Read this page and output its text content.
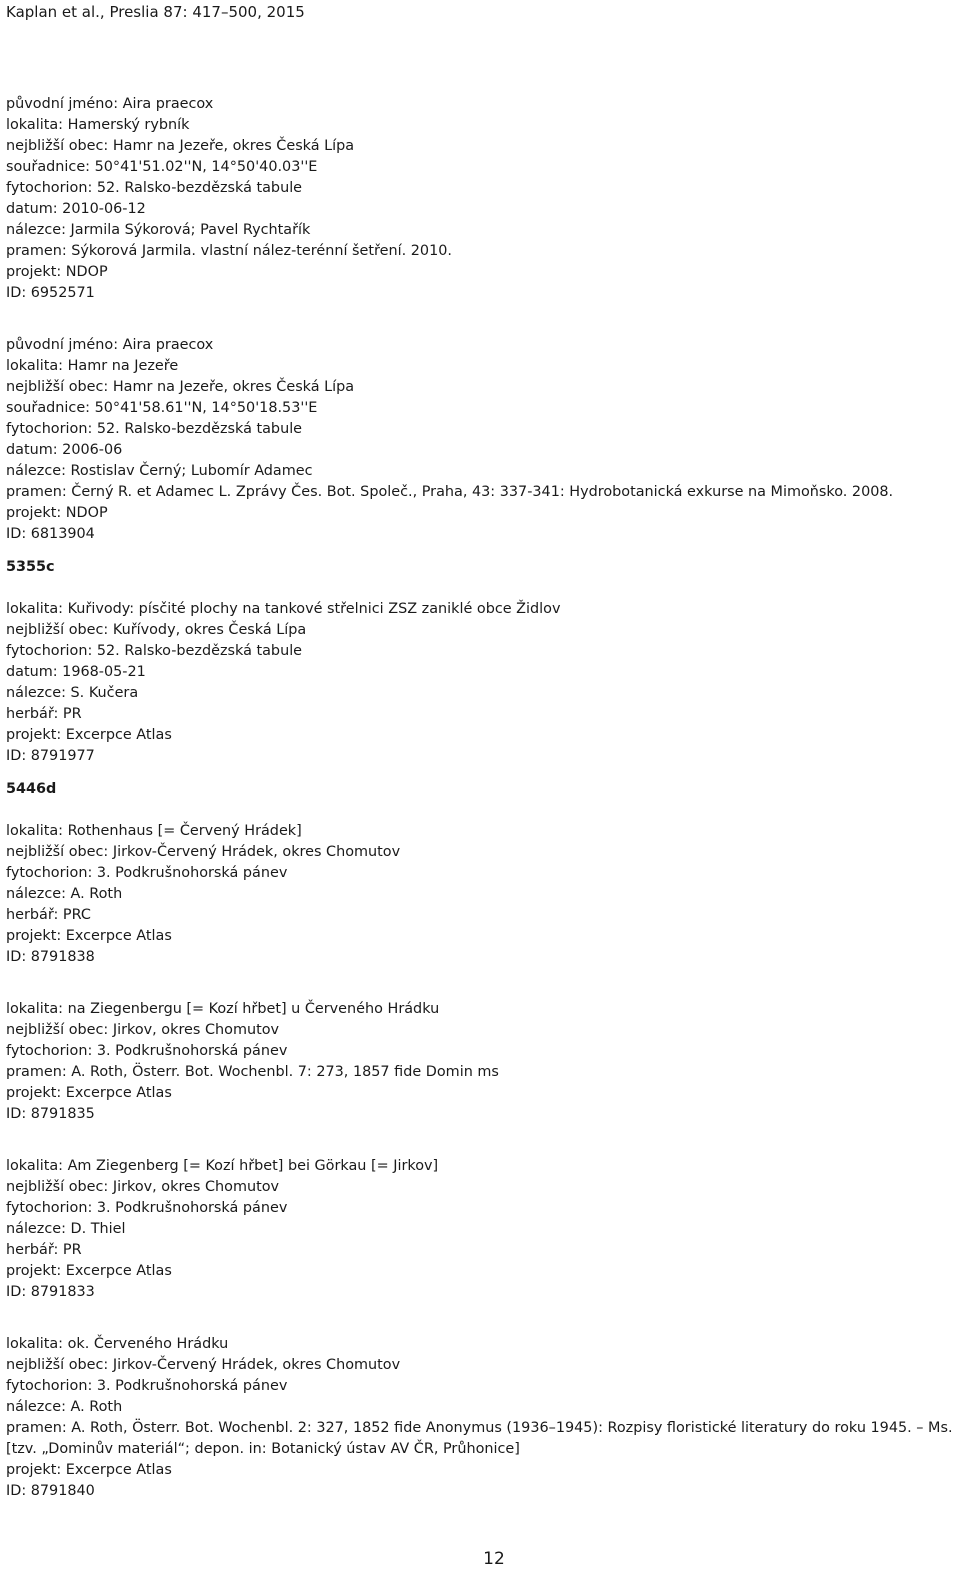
Kaplan et al., Preslia 87: 417–500, 2015
původní jméno: Aira praecox
lokalita: Hamerský rybník
nejbližší obec: Hamr na Jezeře, okres Česká Lípa
souřadnice: 50°41'51.02''N, 14°50'40.03''E
fytochorion: 52. Ralsko-bezdězská tabule
datum: 2010-06-12
nálezce: Jarmila Sýkorová; Pavel Rychtařík
pramen: Sýkorová Jarmila. vlastní nález-terénní šetření. 2010.
projekt: NDOP
ID: 6952571
původní jméno: Aira praecox
lokalita: Hamr na Jezeře
nejbližší obec: Hamr na Jezeře, okres Česká Lípa
souřadnice: 50°41'58.61''N, 14°50'18.53''E
fytochorion: 52. Ralsko-bezdězská tabule
datum: 2006-06
nálezce: Rostislav Černý; Lubomír Adamec
pramen: Černý R. et Adamec L. Zprávy Čes. Bot. Společ., Praha, 43: 337-341: Hydrobotanická exkurse na Mimoňsko. 2008.
projekt: NDOP
ID: 6813904
5355c
lokalita: Kuřivody: písčité plochy na tankové střelnici ZSZ zaniklé obce Židlov
nejbližší obec: Kuřívody, okres Česká Lípa
fytochorion: 52. Ralsko-bezdězská tabule
datum: 1968-05-21
nálezce: S. Kučera
herbář: PR
projekt: Excerpce Atlas
ID: 8791977
5446d
lokalita: Rothenhaus [= Červený Hrádek]
nejbližší obec: Jirkov-Červený Hrádek, okres Chomutov
fytochorion: 3. Podkrušnohorská pánev
nálezce: A. Roth
herbář: PRC
projekt: Excerpce Atlas
ID: 8791838
lokalita: na Ziegenbergu [= Kozí hřbet] u Červeného Hrádku
nejbližší obec: Jirkov, okres Chomutov
fytochorion: 3. Podkrušnohorská pánev
pramen: A. Roth, Österr. Bot. Wochenbl. 7: 273, 1857 fide Domin ms
projekt: Excerpce Atlas
ID: 8791835
lokalita: Am Ziegenberg [= Kozí hřbet] bei Görkau [= Jirkov]
nejbližší obec: Jirkov, okres Chomutov
fytochorion: 3. Podkrušnohorská pánev
nálezce: D. Thiel
herbář: PR
projekt: Excerpce Atlas
ID: 8791833
lokalita: ok. Červeného Hrádku
nejbližší obec: Jirkov-Červený Hrádek, okres Chomutov
fytochorion: 3. Podkrušnohorská pánev
nálezce: A. Roth
pramen: A. Roth, Österr. Bot. Wochenbl. 2: 327, 1852 fide Anonymus (1936–1945): Rozpisy floristické literatury do roku 1945. – Ms. [tzv. „Dominův materiál“; depon. in: Botanický ústav AV ČR, Průhonice]
projekt: Excerpce Atlas
ID: 8791840
12
